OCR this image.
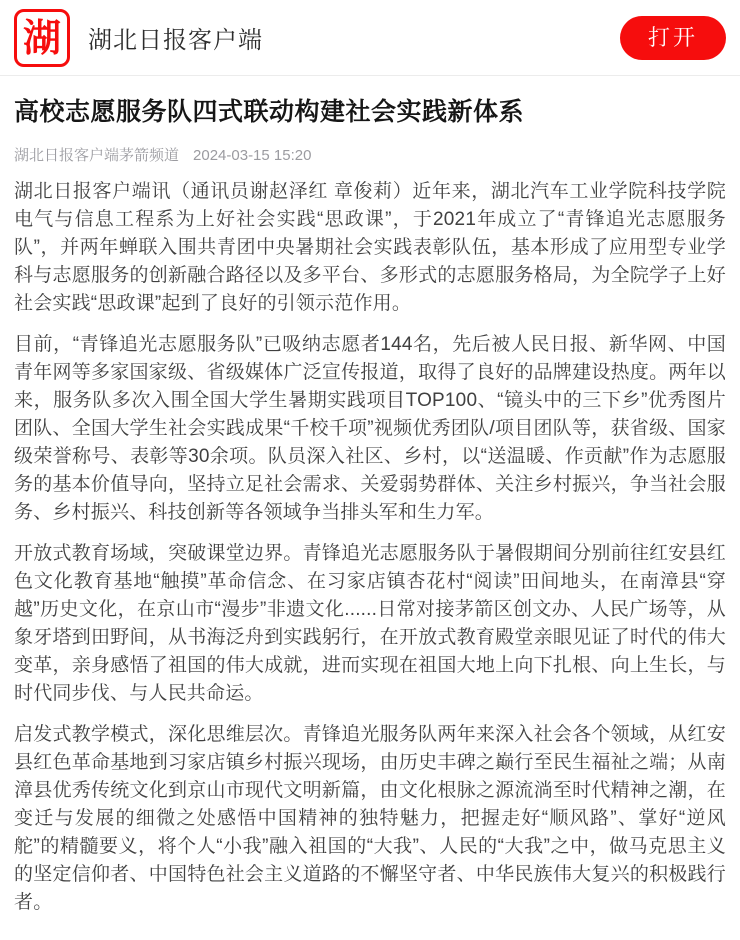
湖 湖北日报客户端	打开
高校志愿服务队四式联动构建社会实践新体系
湖北日报客户端茅箭频道 2024-03-15 15:20

湖北日报客户端讯（通讯员谢赵泽红 章俊莉）近年来，湖北汽车工业学院科技学院电气与信息工程系为上好社会实践“思政课”，于2021年成立了“青锋追光志愿服务队”，并两年蝉联入围共青团中央暑期社会实践表彰队伍，基本形成了应用型专业学科与志愿服务的创新融合路径以及多平台、多形式的志愿服务格局，为全院学子上好社会实践“思政课”起到了良好的引领示范作用。

目前，“青锋追光志愿服务队”已吸纳志愿者144名，先后被人民日报、新华网、中国青年网等多家国家级、省级媒体广泛宣传报道，取得了良好的品牌建设热度。两年以来，服务队多次入围全国大学生暑期实践项目TOP100、“镜头中的三下乡”优秀图片团队、全国大学生社会实践成果“千校千项”视频优秀团队/项目团队等，获省级、国家级荣誉称号、表彰等30余项。队员深入社区、乡村，以“送温暖、作贡献”作为志愿服务的基本价值导向，坚持立足社会需求、关爱弱势群体、关注乡村振兴，争当社会服务、乡村振兴、科技创新等各领域争当排头军和生力军。

开放式教育场域，突破课堂边界。青锋追光志愿服务队于暑假期间分别前往红安县红色文化教育基地“触摸”革命信念、在习家店镇杏花村“阅读”田间地头，在南漳县“穿越”历史文化，在京山市“漫步”非遗文化......日常对接茅箭区创文办、人民广场等，从象牙塔到田野间，从书海泛舟到实践躬行，在开放式教育殿堂亲眼见证了时代的伟大变革，亲身感悟了祖国的伟大成就，进而实现在祖国大地上向下扎根、向上生长，与时代同步伐、与人民共命运。

启发式教学模式，深化思维层次。青锋追光服务队两年来深入社会各个领域，从红安县红色革命基地到习家店镇乡村振兴现场，由历史丰碑之巅行至民生福祉之端；从南漳县优秀传统文化到京山市现代文明新篇，由文化根脉之源流淌至时代精神之潮，在变迁与发展的细微之处感悟中国精神的独特魅力，把握走好“顺风路”、掌好“逆风舵”的精髓要义，将个人“小我”融入祖国的“大我”、人民的“大我”之中，做马克思主义的坚定信仰者、中国特色社会主义道路的不懈坚守者、中华民族伟大复兴的积极践行者。
